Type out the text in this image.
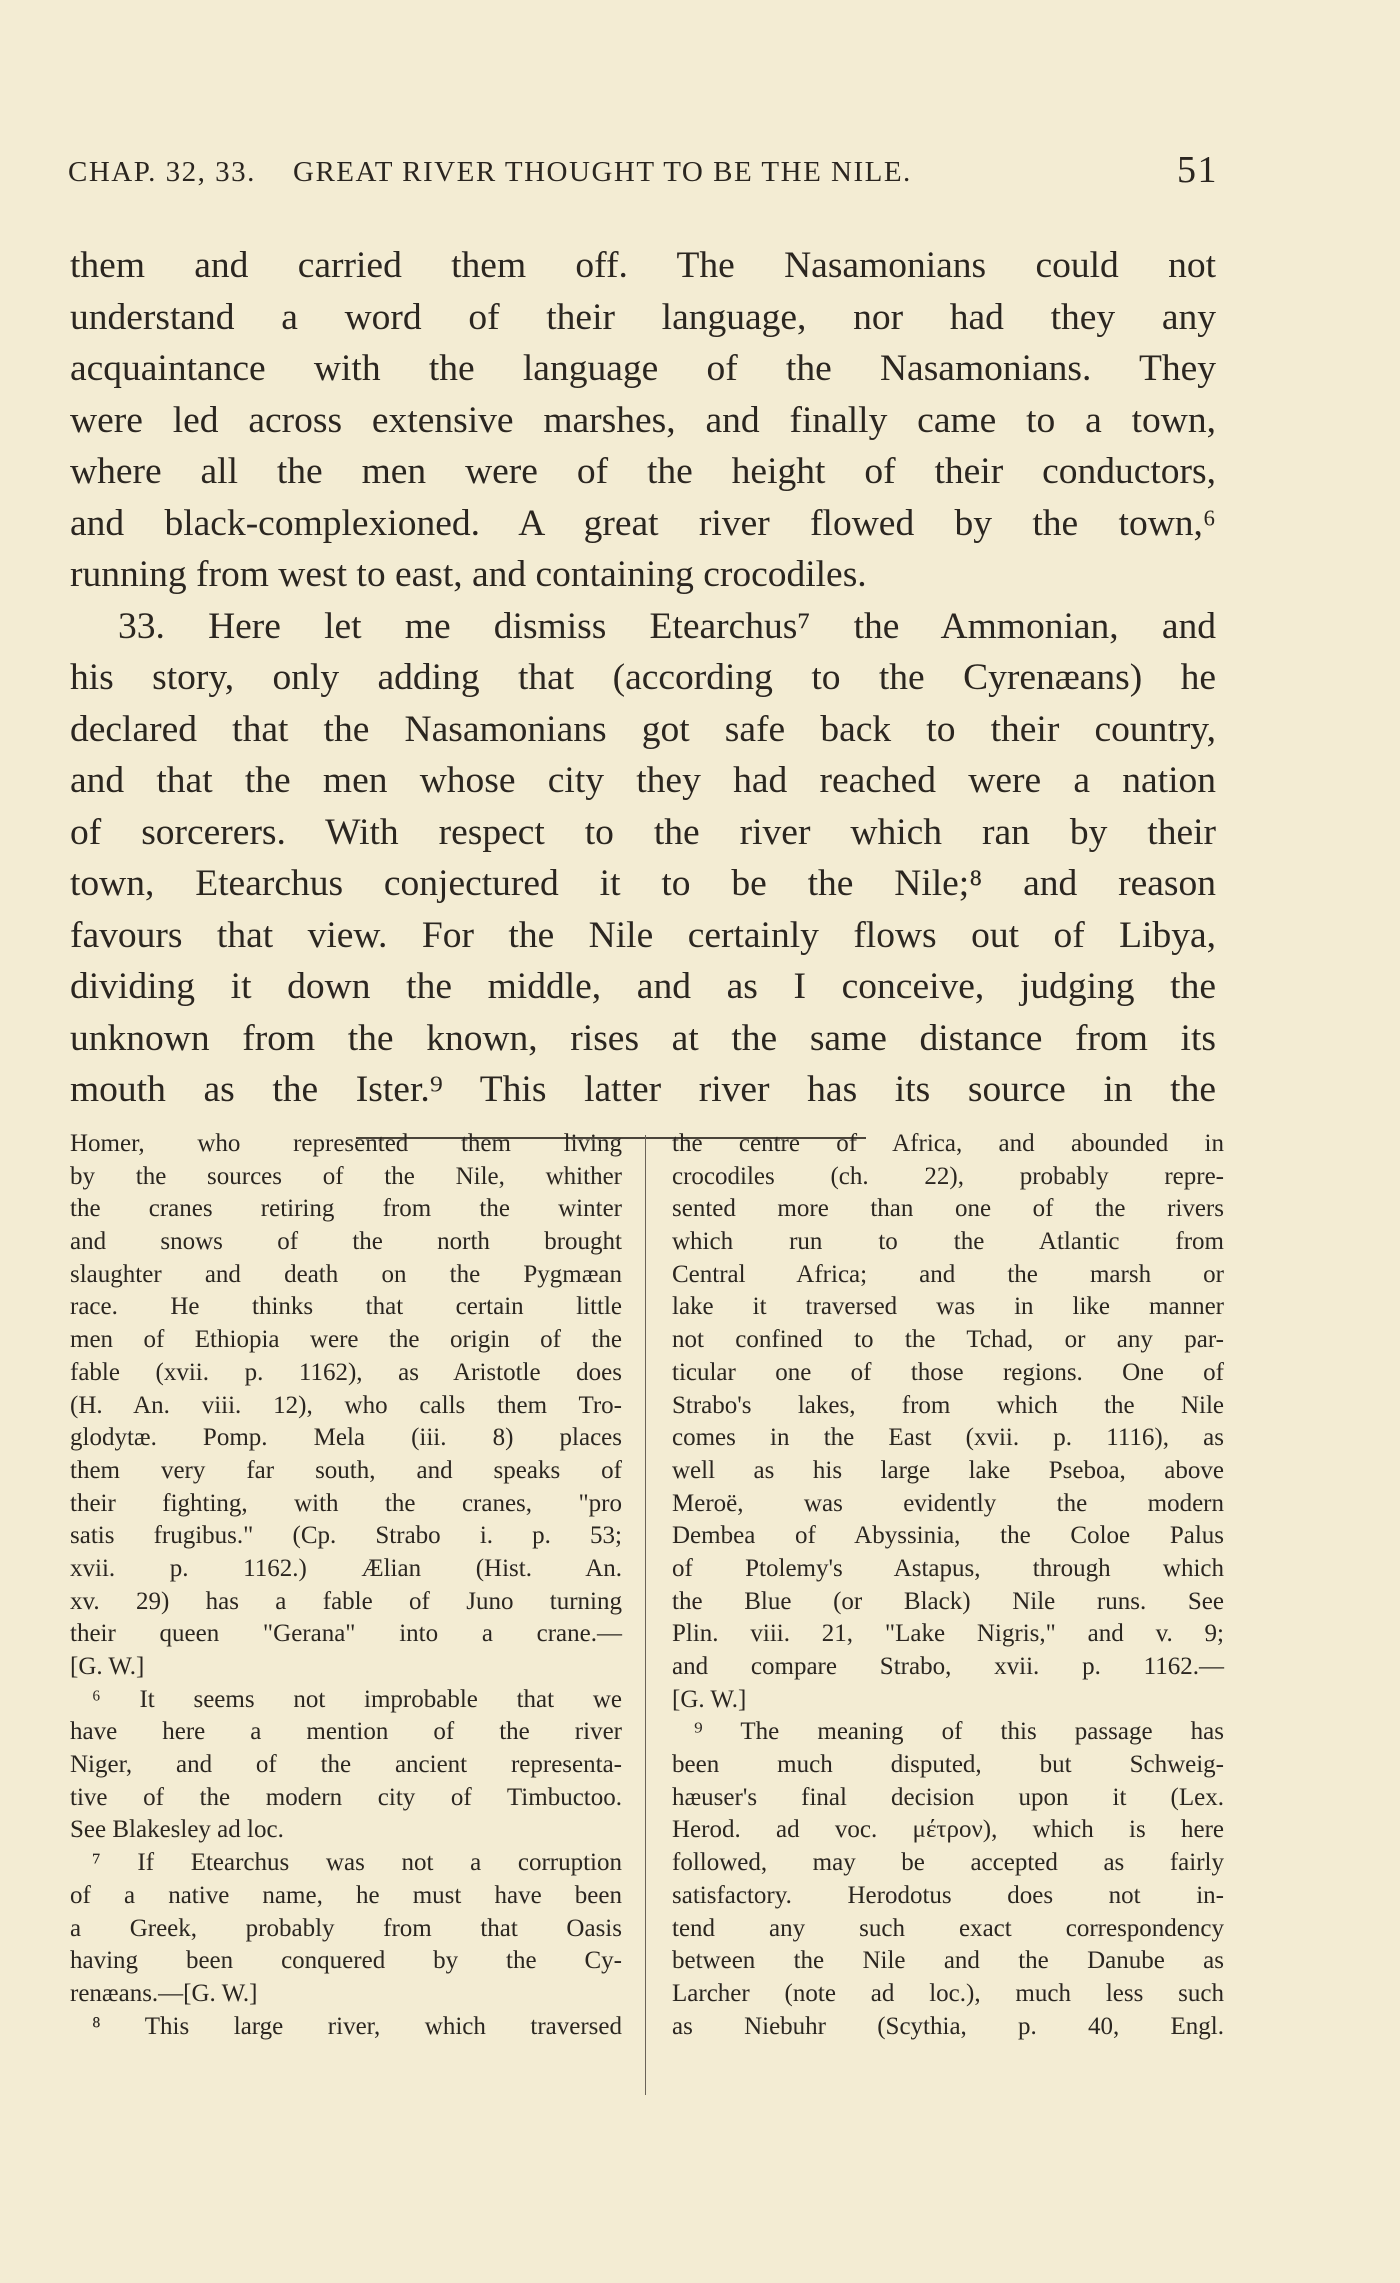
CHAP. 32, 33. GREAT RIVER THOUGHT TO BE THE NILE.	51
them and carried them off. The Nasamonians could not
understand a word of their language, nor had they any
acquaintance with the language of the Nasamonians. They
were led across extensive marshes, and finally came to a town,
where all the men were of the height of their conductors,
and black-complexioned. A great river flowed by the town,⁶
running from west to east, and containing crocodiles.
33. Here let me dismiss Etearchus⁷ the Ammonian, and
his story, only adding that (according to the Cyrenæans) he
declared that the Nasamonians got safe back to their country,
and that the men whose city they had reached were a nation
of sorcerers. With respect to the river which ran by their
town, Etearchus conjectured it to be the Nile;⁸ and reason
favours that view. For the Nile certainly flows out of Libya,
dividing it down the middle, and as I conceive, judging the
unknown from the known, rises at the same distance from its
mouth as the Ister.⁹ This latter river has its source in the
Homer, who represented them living
by the sources of the Nile, whither
the cranes retiring from the winter
and snows of the north brought
slaughter and death on the Pygmæan
race. He thinks that certain little
men of Ethiopia were the origin of the
fable (xvii. p. 1162), as Aristotle does
(H. An. viii. 12), who calls them Tro-
glodytæ. Pomp. Mela (iii. 8) places
them very far south, and speaks of
their fighting, with the cranes, "pro
satis frugibus." (Cp. Strabo i. p. 53;
xvii. p. 1162.) Ælian (Hist. An.
xv. 29) has a fable of Juno turning
their queen "Gerana" into a crane.—
[G. W.]
⁶ It seems not improbable that we
have here a mention of the river
Niger, and of the ancient representa-
tive of the modern city of Timbuctoo.
See Blakesley ad loc.
⁷ If Etearchus was not a corruption
of a native name, he must have been
a Greek, probably from that Oasis
having been conquered by the Cy-
renæans.—[G. W.]
⁸ This large river, which traversed
the centre of Africa, and abounded in
crocodiles (ch. 22), probably repre-
sented more than one of the rivers
which run to the Atlantic from
Central Africa; and the marsh or
lake it traversed was in like manner
not confined to the Tchad, or any par-
ticular one of those regions. One of
Strabo's lakes, from which the Nile
comes in the East (xvii. p. 1116), as
well as his large lake Pseboa, above
Meroë, was evidently the modern
Dembea of Abyssinia, the Coloe Palus
of Ptolemy's Astapus, through which
the Blue (or Black) Nile runs. See
Plin. viii. 21, "Lake Nigris," and v. 9;
and compare Strabo, xvii. p. 1162.—
[G. W.]
⁹ The meaning of this passage has
been much disputed, but Schweig-
hæuser's final decision upon it (Lex.
Herod. ad voc. μέτρον), which is here
followed, may be accepted as fairly
satisfactory. Herodotus does not in-
tend any such exact correspondency
between the Nile and the Danube as
Larcher (note ad loc.), much less such
as Niebuhr (Scythia, p. 40, Engl.
